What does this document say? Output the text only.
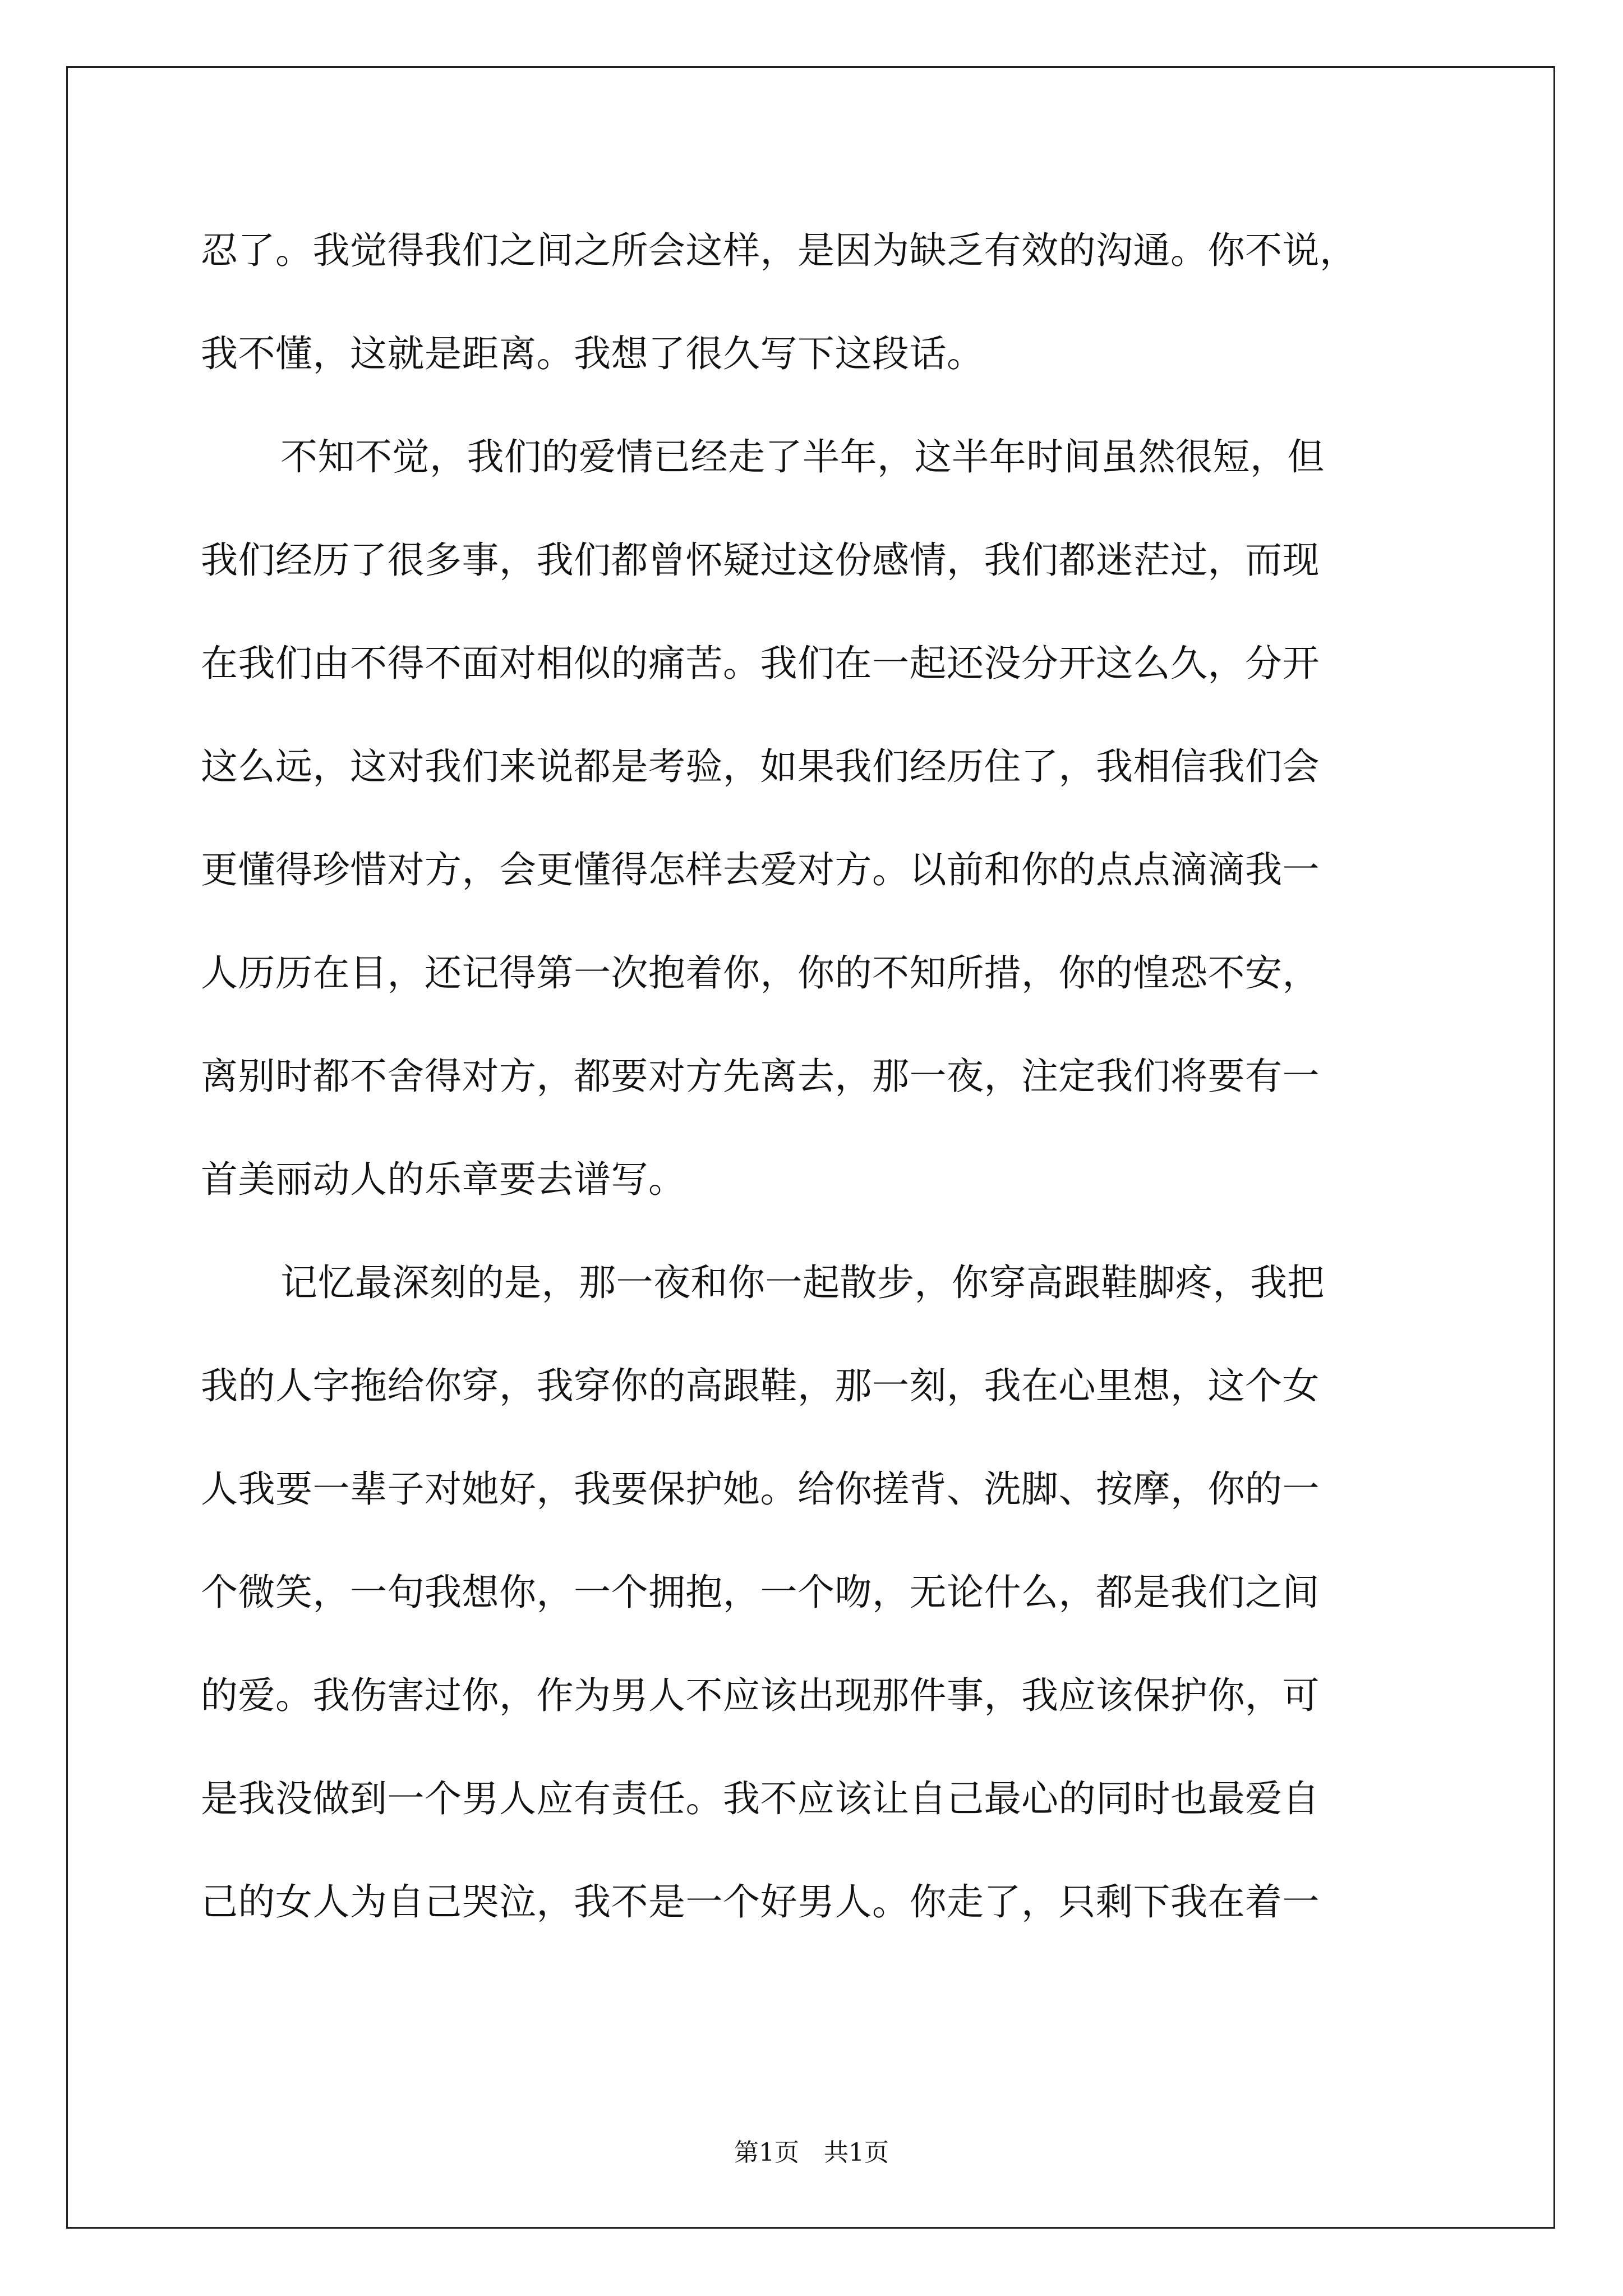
忍了。我觉得我们之间之所会这样，是因为缺乏有效的沟通。你不说，
我不懂，这就是距离。我想了很久写下这段话。
不知不觉，我们的爱情已经走了半年，这半年时间虽然很短，但
我们经历了很多事，我们都曾怀疑过这份感情，我们都迷茫过，而现
在我们由不得不面对相似的痛苦。我们在一起还没分开这么久，分开
这么远，这对我们来说都是考验，如果我们经历住了，我相信我们会
更懂得珍惜对方，会更懂得怎样去爱对方。以前和你的点点滴滴我一
人历历在目，还记得第一次抱着你，你的不知所措，你的惶恐不安，
离别时都不舍得对方，都要对方先离去，那一夜，注定我们将要有一
首美丽动人的乐章要去谱写。
记忆最深刻的是，那一夜和你一起散步，你穿高跟鞋脚疼，我把
我的人字拖给你穿，我穿你的高跟鞋，那一刻，我在心里想，这个女
人我要一辈子对她好，我要保护她。给你搓背、洗脚、按摩，你的一
个微笑，一句我想你，一个拥抱，一个吻，无论什么，都是我们之间
的爱。我伤害过你，作为男人不应该出现那件事，我应该保护你，可
是我没做到一个男人应有责任。我不应该让自己最心的同时也最爱自
己的女人为自己哭泣，我不是一个好男人。你走了，只剩下我在着一
第1页　共1页
